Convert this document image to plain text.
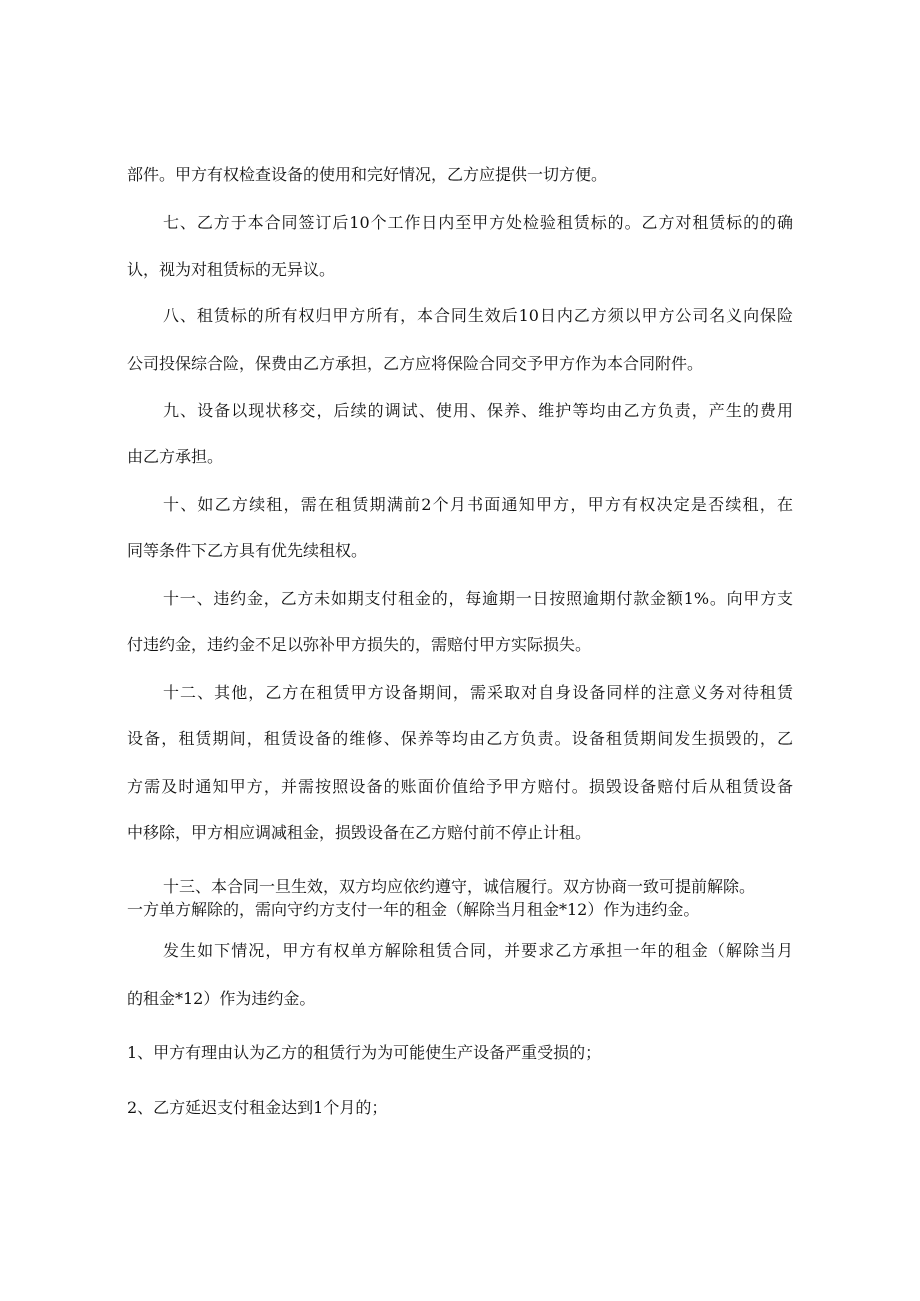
部件。甲方有权检查设备的使用和完好情况，乙方应提供一切方便。
七、乙方于本合同签订后10个工作日内至甲方处检验租赁标的。乙方对租赁标的的确
认，视为对租赁标的无异议。
八、租赁标的所有权归甲方所有，本合同生效后10日内乙方须以甲方公司名义向保险
公司投保综合险，保费由乙方承担，乙方应将保险合同交予甲方作为本合同附件。
九、设备以现状移交，后续的调试、使用、保养、维护等均由乙方负责，产生的费用
由乙方承担。
十、如乙方续租，需在租赁期满前2个月书面通知甲方，甲方有权决定是否续租，在
同等条件下乙方具有优先续租权。
十一、违约金，乙方未如期支付租金的，每逾期一日按照逾期付款金额1%。向甲方支
付违约金，违约金不足以弥补甲方损失的，需赔付甲方实际损失。
十二、其他，乙方在租赁甲方设备期间，需采取对自身设备同样的注意义务对待租赁
设备，租赁期间，租赁设备的维修、保养等均由乙方负责。设备租赁期间发生损毁的，乙
方需及时通知甲方，并需按照设备的账面价值给予甲方赔付。损毁设备赔付后从租赁设备
中移除，甲方相应调减租金，损毁设备在乙方赔付前不停止计租。
十三、本合同一旦生效，双方均应依约遵守，诚信履行。双方协商一致可提前解除。
一方单方解除的，需向守约方支付一年的租金（解除当月租金*12）作为违约金。
发生如下情况，甲方有权单方解除租赁合同，并要求乙方承担一年的租金（解除当月
的租金*12）作为违约金。
1、甲方有理由认为乙方的租赁行为为可能使生产设备严重受损的；
2、乙方延迟支付租金达到1个月的；
